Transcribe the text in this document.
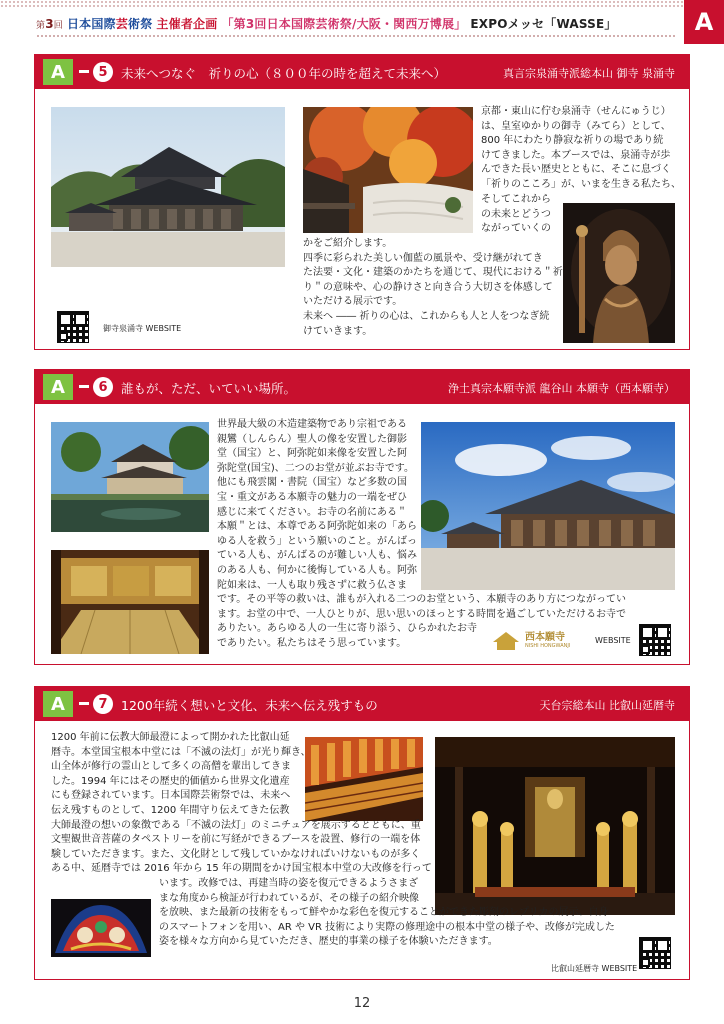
第3回 日本国際芸術祭 主催者企画 「第3回日本国際芸術祭/大阪・関西万博展」 EXPOメッセ「WASSE」	A
A	5	未来へつなぐ　祈りの心（８００年の時を超えて未来へ）	真言宗泉涌寺派総本山 御寺 泉涌寺
御寺泉涌寺 WEBSITE

京都・東山に佇む泉涌寺（せんにゅうじ）

は、皇室ゆかりの御寺（みてら）として、

800 年にわたり静寂な祈りの場であり続

けてきました。本ブースでは、泉涌寺が歩

んできた長い歴史とともに、そこに息づく

「祈りのこころ」が、いまを生きる私たち、

そしてこれから

の未来とどうつ

ながっていくの

かをご紹介します。

四季に彩られた美しい伽藍の風景や、受け継がれてき

た法要・文化・建築のかたちを通じて、現代における＂祈

り＂の意味や、心の静けさと向き合う大切さを体感して

いただける展示です。

未来へ ―― 祈りの心は、これからも人と人をつなぎ続

けていきます。

A	6	誰もが、ただ、いていい場所。	浄土真宗本願寺派 龍谷山 本願寺（西本願寺）

世界最大級の木造建築物であり宗祖である

親鸞（しんらん）聖人の像を安置した御影

堂（国宝）と、阿弥陀如来像を安置した阿

弥陀堂(国宝)、二つのお堂が並ぶお寺です。

他にも飛雲閣・書院（国宝）など多数の国

宝・重文がある本願寺の魅力の一端をぜひ

感じに来てください。お寺の名前にある＂

本願＂とは、本尊である阿弥陀如来の「あら

ゆる人を救う」という願いのこと。がんばっ

ている人も、がんばるのが難しい人も、悩み

のある人も、何かに後悔している人も。阿弥

陀如来は、一人も取り残さずに救う仏さま

です。その平等の救いは、誰もが入れる二つのお堂という、本願寺のあり方につながってい

ます。お堂の中で、一人ひとりが、思い思いのほっとする時間を過ごしていただけるお寺で

ありたい。あらゆる人の一生に寄り添う、ひらかれたお寺

でありたい。私たちはそう思っています。

西本願寺
NISHI HONGWANJI
WEBSITE
A	7	1200年続く想いと文化、未来へ伝え残すもの	天台宗総本山 比叡山延暦寺

1200 年前に伝教大師最澄によって開かれた比叡山延

暦寺。本堂国宝根本中堂には「不滅の法灯」が光り輝き、

山全体が修行の霊山として多くの高僧を輩出してきま

した。1994 年にはその歴史的価値から世界文化遺産

にも登録されています。日本国際芸術祭では、未来へ

伝え残すものとして、1200 年間守り伝えてきた伝教

大師最澄の想いの象徴である「不滅の法灯」のミニチュアを展示するとともに、重

文聖観世音菩薩のタペストリーを前に写経ができるブースを設置、修行の一端を体

験していただきます。また、文化財として残していかなければいけないものが多く

ある中、延暦寺では 2016 年から 15 年の期間をかけ国宝根本中堂の大改修を行って

います。改修では、再建当時の姿を復元できるようさまざ

まな角度から検証が行われているが、その様子の紹介映像

を放映、また最新の技術をもって鮮やかな彩色を復元することができた彫刻のレプリカの展示、自身

のスマートフォンを用い、AR や VR 技術により実際の修理途中の根本中堂の様子や、改修が完成した

姿を様々な方向から見ていただき、歴史的事業の様子を体験いただきます。

比叡山延暦寺 WEBSITE
12
